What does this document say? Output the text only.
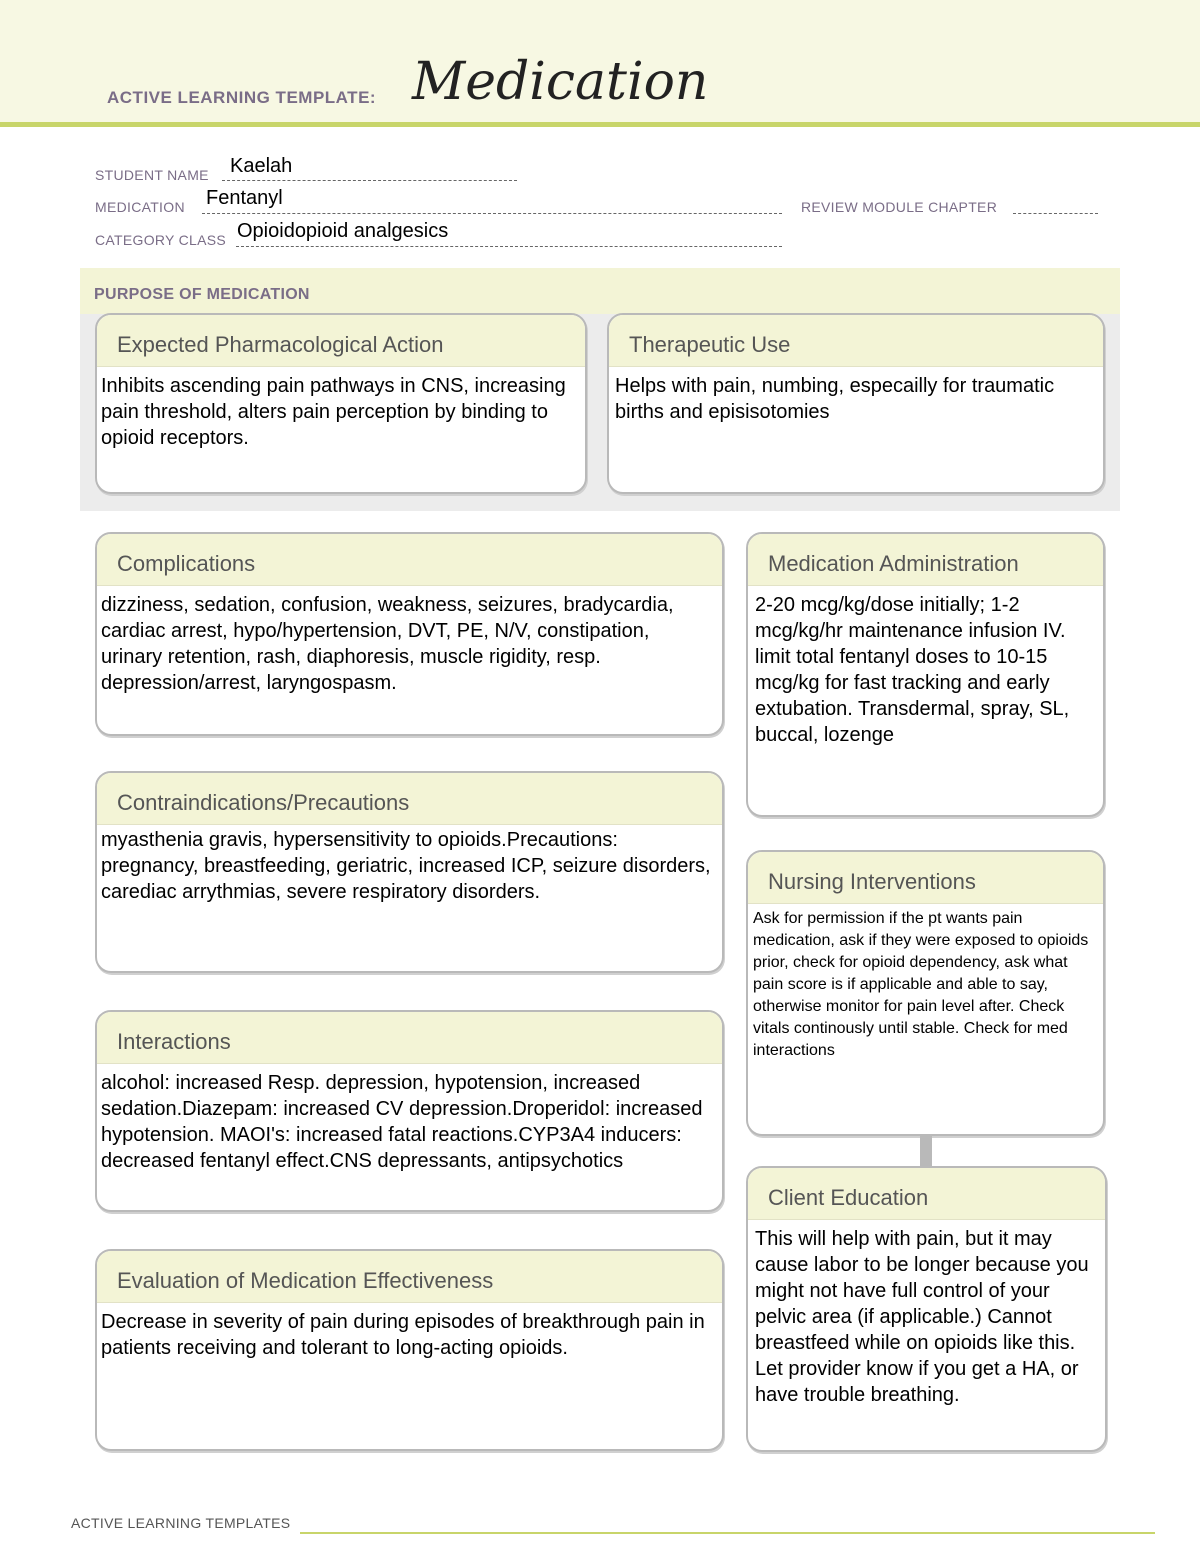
ACTIVE LEARNING TEMPLATE: Medication
STUDENT NAME Kaelah
MEDICATION Fentanyl	REVIEW MODULE CHAPTER
CATEGORY CLASS Opioidopioid analgesics
PURPOSE OF MEDICATION
Expected Pharmacological Action
Inhibits ascending pain pathways in CNS, increasing pain threshold, alters pain perception by binding to opioid receptors.
Therapeutic Use
Helps with pain, numbing, especailly for traumatic births and episisotomies
Complications
dizziness, sedation, confusion, weakness, seizures, bradycardia, cardiac arrest, hypo/hypertension, DVT, PE, N/V, constipation, urinary retention, rash, diaphoresis, muscle rigidity, resp. depression/arrest, laryngospasm.
Contraindications/Precautions
myasthenia gravis, hypersensitivity to opioids.Precautions: pregnancy, breastfeeding, geriatric, increased ICP, seizure disorders, carediac arrythmias, severe respiratory disorders.
Interactions
alcohol: increased Resp. depression, hypotension, increased sedation.Diazepam: increased CV depression.Droperidol: increased hypotension. MAOI's: increased fatal reactions.CYP3A4 inducers: decreased fentanyl effect.CNS depressants, antipsychotics
Evaluation of Medication Effectiveness
Decrease in severity of pain during episodes of breakthrough pain in patients receiving and tolerant to long-acting opioids.
Medication Administration
2-20 mcg/kg/dose initially; 1-2 mcg/kg/hr maintenance infusion IV. limit total fentanyl doses to 10-15 mcg/kg for fast tracking and early extubation. Transdermal, spray, SL, buccal, lozenge
Nursing Interventions
Ask for permission if the pt wants pain medication, ask if they were exposed to opioids prior, check for opioid dependency, ask what pain score is if applicable and able to say, otherwise monitor for pain level after. Check vitals continously until stable. Check for med interactions
Client Education
This will help with pain, but it may cause labor to be longer because you might not have full control of your pelvic area (if applicable.) Cannot breastfeed while on opioids like this. Let provider know if you get a HA, or have trouble breathing.
ACTIVE LEARNING TEMPLATES
